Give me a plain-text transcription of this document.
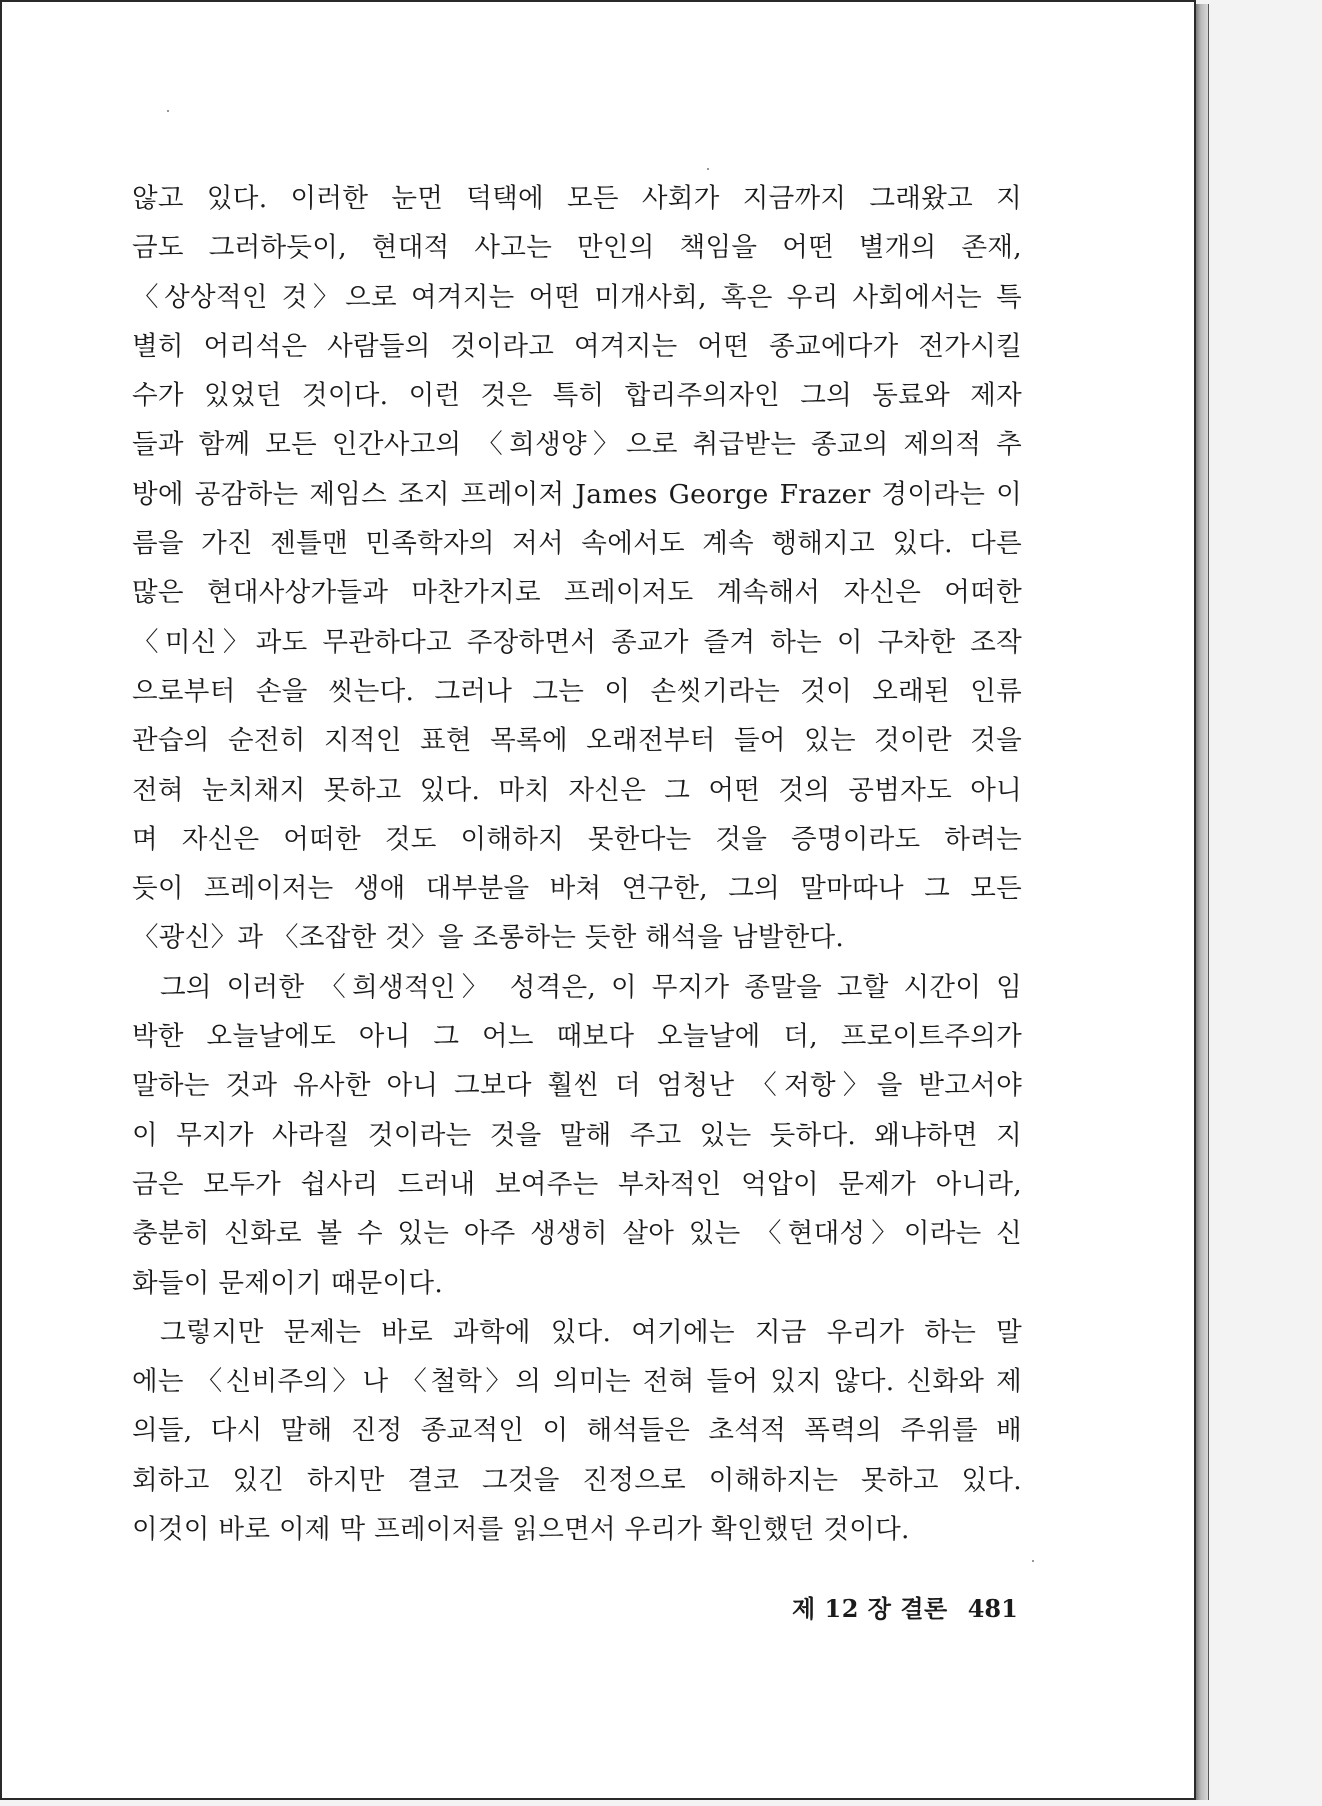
않고 있다. 이러한 눈먼 덕택에 모든 사회가 지금까지 그래왔고 지
금도 그러하듯이, 현대적 사고는 만인의 책임을 어떤 별개의 존재,
〈상상적인 것〉으로 여겨지는 어떤 미개사회, 혹은 우리 사회에서는 특
별히 어리석은 사람들의 것이라고 여겨지는 어떤 종교에다가 전가시킬
수가 있었던 것이다. 이런 것은 특히 합리주의자인 그의 동료와 제자
들과 함께 모든 인간사고의 〈희생양〉으로 취급받는 종교의 제의적 추
방에 공감하는 제임스 조지 프레이저 James George Frazer 경이라는 이
름을 가진 젠틀맨 민족학자의 저서 속에서도 계속 행해지고 있다. 다른
많은 현대사상가들과 마찬가지로 프레이저도 계속해서 자신은 어떠한
〈미신〉과도 무관하다고 주장하면서 종교가 즐겨 하는 이 구차한 조작
으로부터 손을 씻는다. 그러나 그는 이 손씻기라는 것이 오래된 인류
관습의 순전히 지적인 표현 목록에 오래전부터 들어 있는 것이란 것을
전혀 눈치채지 못하고 있다. 마치 자신은 그 어떤 것의 공범자도 아니
며 자신은 어떠한 것도 이해하지 못한다는 것을 증명이라도 하려는
듯이 프레이저는 생애 대부분을 바쳐 연구한, 그의 말마따나 그 모든
〈광신〉과 〈조잡한 것〉을 조롱하는 듯한 해석을 남발한다.
그의 이러한 〈희생적인〉 성격은, 이 무지가 종말을 고할 시간이 임
박한 오늘날에도 아니 그 어느 때보다 오늘날에 더, 프로이트주의가
말하는 것과 유사한 아니 그보다 훨씬 더 엄청난 〈저항〉을 받고서야
이 무지가 사라질 것이라는 것을 말해 주고 있는 듯하다. 왜냐하면 지
금은 모두가 쉽사리 드러내 보여주는 부차적인 억압이 문제가 아니라,
충분히 신화로 볼 수 있는 아주 생생히 살아 있는 〈현대성〉이라는 신
화들이 문제이기 때문이다.
그렇지만 문제는 바로 과학에 있다. 여기에는 지금 우리가 하는 말
에는 〈신비주의〉나 〈철학〉의 의미는 전혀 들어 있지 않다. 신화와 제
의들, 다시 말해 진정 종교적인 이 해석들은 초석적 폭력의 주위를 배
회하고 있긴 하지만 결코 그것을 진정으로 이해하지는 못하고 있다.
이것이 바로 이제 막 프레이저를 읽으면서 우리가 확인했던 것이다.
제 12 장 결론 481
